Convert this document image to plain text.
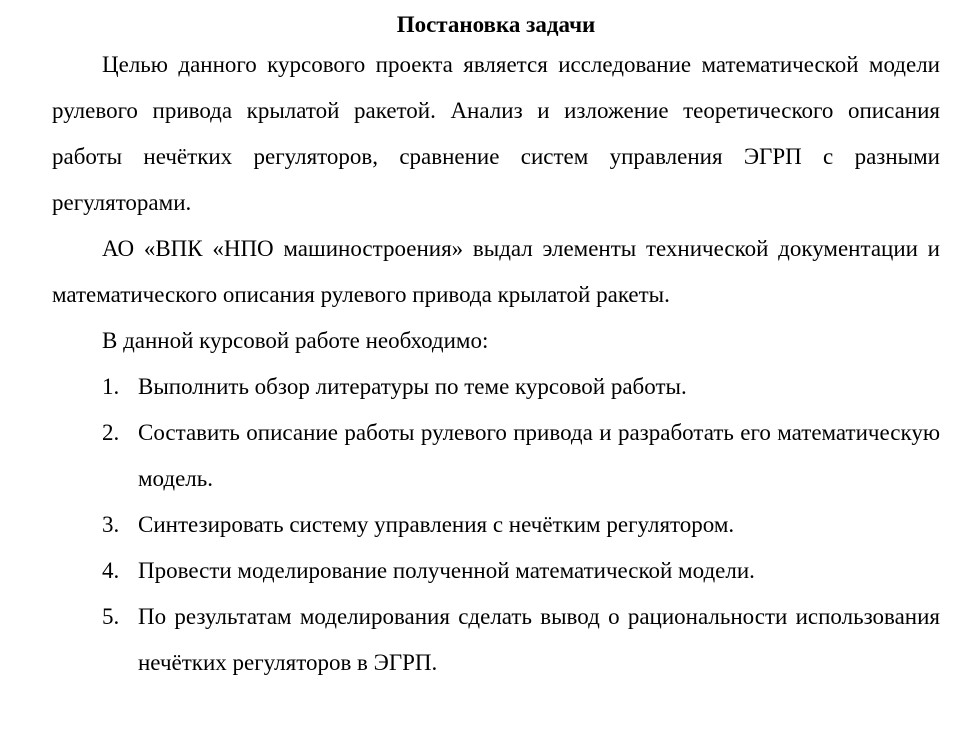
Постановка задачи

Целью данного курсового проекта является исследование математической модели рулевого привода крылатой ракетой. Анализ и изложение теоретического описания работы нечётких регуляторов, сравнение систем управления ЭГРП с разными регуляторами.

АО «ВПК «НПО машиностроения» выдал элементы технической документации и математического описания рулевого привода крылатой ракеты.

В данной курсовой работе необходимо:

1. Выполнить обзор литературы по теме курсовой работы.
2. Составить описание работы рулевого привода и разработать его математическую модель.
3. Синтезировать систему управления с нечётким регулятором.
4. Провести моделирование полученной математической модели.
5. По результатам моделирования сделать вывод о рациональности использования нечётких регуляторов в ЭГРП.
